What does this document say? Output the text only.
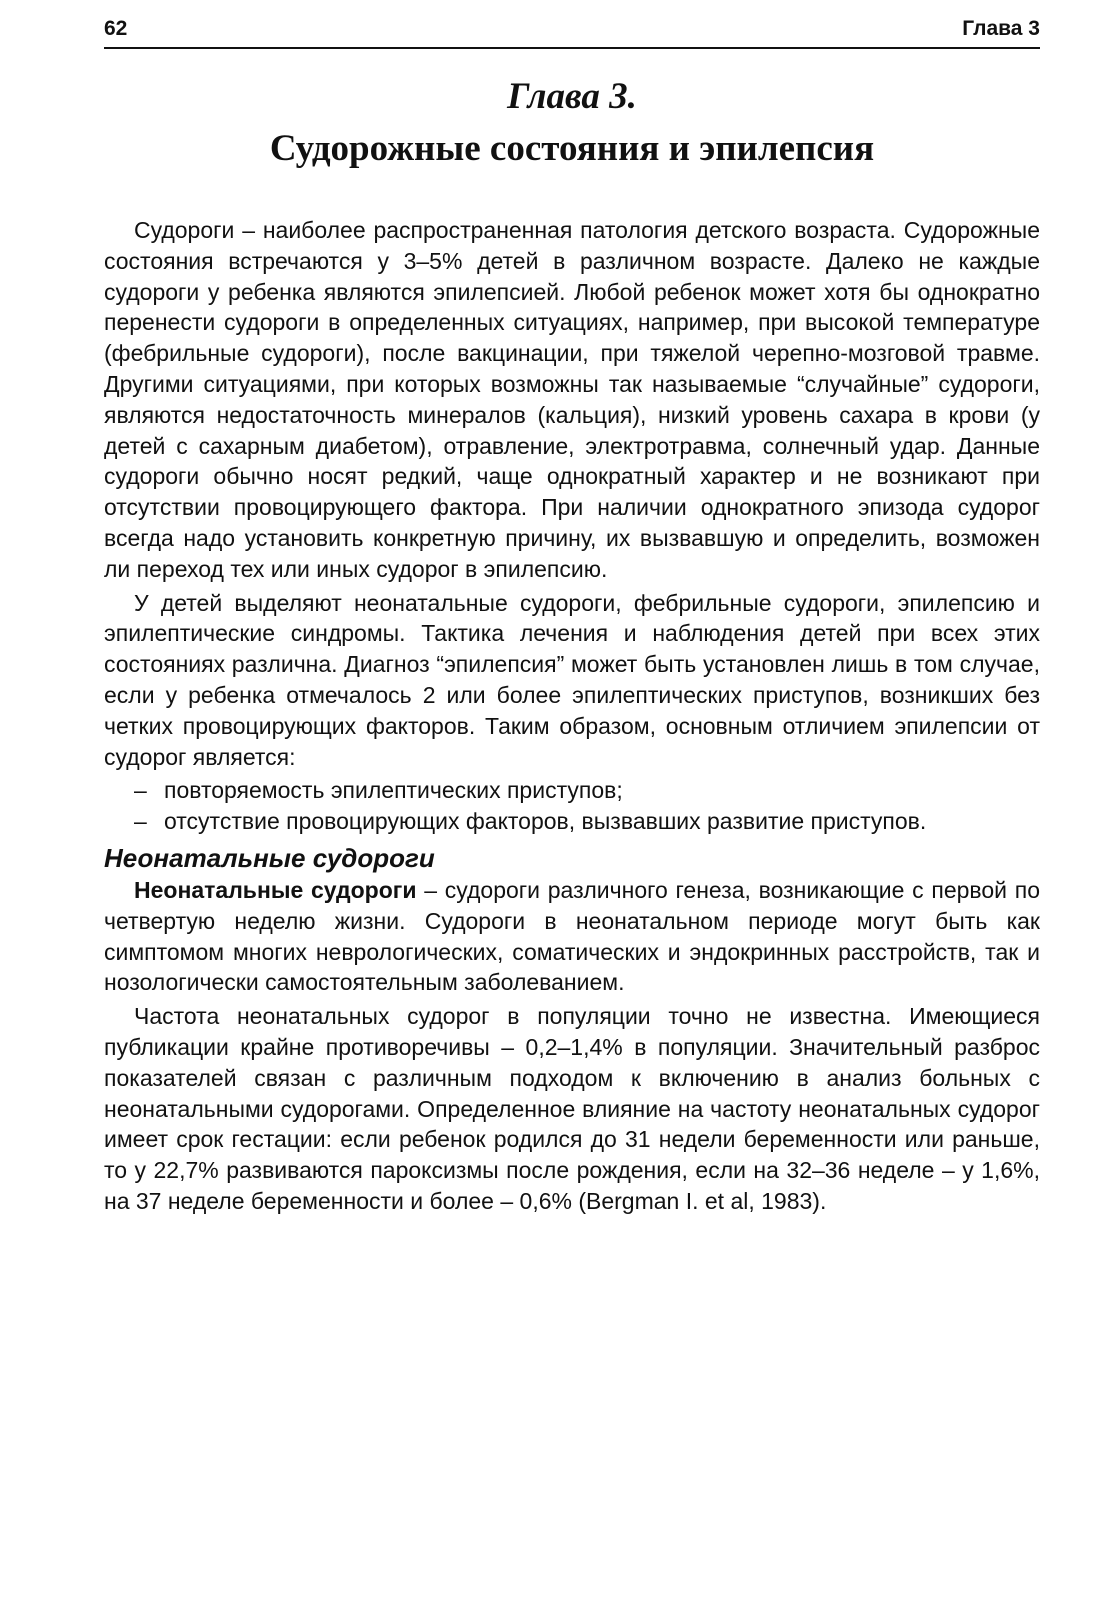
62	Глава 3
Глава 3.
Судорожные состояния и эпилепсия

Судороги – наиболее распространенная патология детского возраста. Судорожные состояния встречаются у 3–5% детей в различном возрасте. Далеко не каждые судороги у ребенка являются эпилепсией. Любой ребенок может хотя бы однократно перенести судороги в определенных ситуациях, например, при высокой температуре (фебрильные судороги), после вакцинации, при тяжелой черепно-мозговой травме. Другими ситуациями, при которых возможны так называемые “случайные” судороги, являются недостаточность минералов (кальция), низкий уровень сахара в крови (у детей с сахарным диабетом), отравление, электротравма, солнечный удар. Данные судороги обычно носят редкий, чаще однократный характер и не возникают при отсутствии провоцирующего фактора. При наличии однократного эпизода судорог всегда надо установить конкретную причину, их вызвавшую и определить, возможен ли переход тех или иных судорог в эпилепсию.

У детей выделяют неонатальные судороги, фебрильные судороги, эпилепсию и эпилептические синдромы. Тактика лечения и наблюдения детей при всех этих состояниях различна. Диагноз “эпилепсия” может быть установлен лишь в том случае, если у ребенка отмечалось 2 или более эпилептических приступов, возникших без четких провоцирующих факторов. Таким образом, основным отличием эпилепсии от судорог является:

– повторяемость эпилептических приступов;
– отсутствие провоцирующих факторов, вызвавших развитие приступов.
Неонатальные судороги

Неонатальные судороги – судороги различного генеза, возникающие с первой по четвертую неделю жизни. Судороги в неонатальном периоде могут быть как симптомом многих неврологических, соматических и эндокринных расстройств, так и нозологически самостоятельным заболеванием.

Частота неонатальных судорог в популяции точно не известна. Имеющиеся публикации крайне противоречивы – 0,2–1,4% в популяции. Значительный разброс показателей связан с различным подходом к включению в анализ больных с неонатальными судорогами. Определенное влияние на частоту неонатальных судорог имеет срок гестации: если ребенок родился до 31 недели беременности или раньше, то у 22,7% развиваются пароксизмы после рождения, если на 32–36 неделе – у 1,6%, на 37 неделе беременности и более – 0,6% (Bergman I. et al, 1983).
